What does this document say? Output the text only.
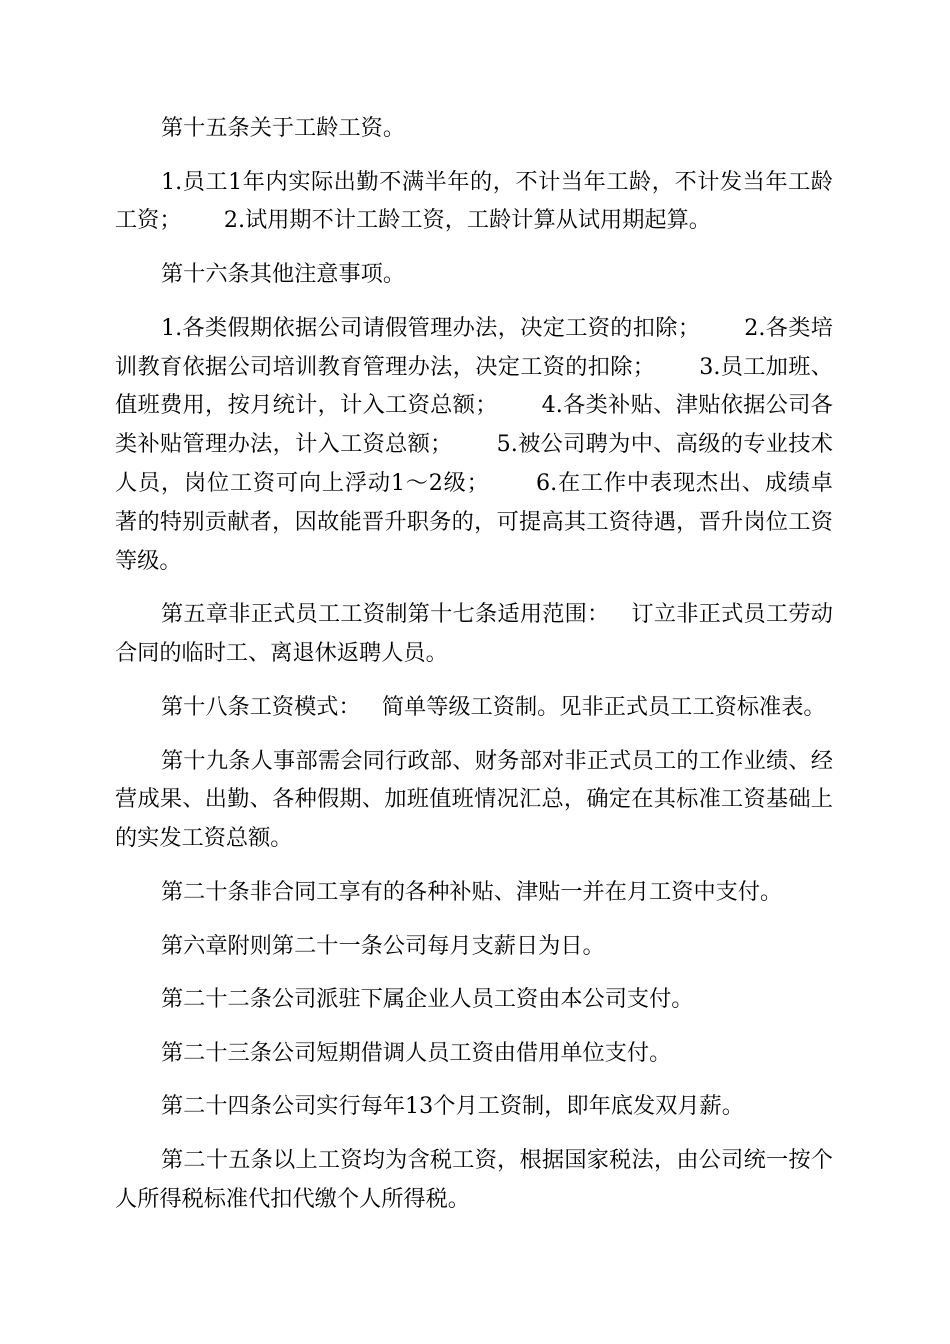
第十五条关于工龄工资。
1.员工1年内实际出勤不满半年的，不计当年工龄，不计发当年工龄
工资；      2.试用期不计工龄工资，工龄计算从试用期起算。
第十六条其他注意事项。
1.各类假期依据公司请假管理办法，决定工资的扣除；      2.各类培
训教育依据公司培训教育管理办法，决定工资的扣除；      3.员工加班、
值班费用，按月统计，计入工资总额；      4.各类补贴、津贴依据公司各
类补贴管理办法，计入工资总额；      5.被公司聘为中、高级的专业技术
人员，岗位工资可向上浮动1～2级；      6.在工作中表现杰出、成绩卓
著的特别贡献者，因故能晋升职务的，可提高其工资待遇，晋升岗位工资
等级。
第五章非正式员工工资制第十七条适用范围：   订立非正式员工劳动
合同的临时工、离退休返聘人员。
第十八条工资模式：   简单等级工资制。见非正式员工工资标准表。
第十九条人事部需会同行政部、财务部对非正式员工的工作业绩、经
营成果、出勤、各种假期、加班值班情况汇总，确定在其标准工资基础上
的实发工资总额。
第二十条非合同工享有的各种补贴、津贴一并在月工资中支付。
第六章附则第二十一条公司每月支薪日为日。
第二十二条公司派驻下属企业人员工资由本公司支付。
第二十三条公司短期借调人员工资由借用单位支付。
第二十四条公司实行每年13个月工资制，即年底发双月薪。
第二十五条以上工资均为含税工资，根据国家税法，由公司统一按个
人所得税标准代扣代缴个人所得税。
